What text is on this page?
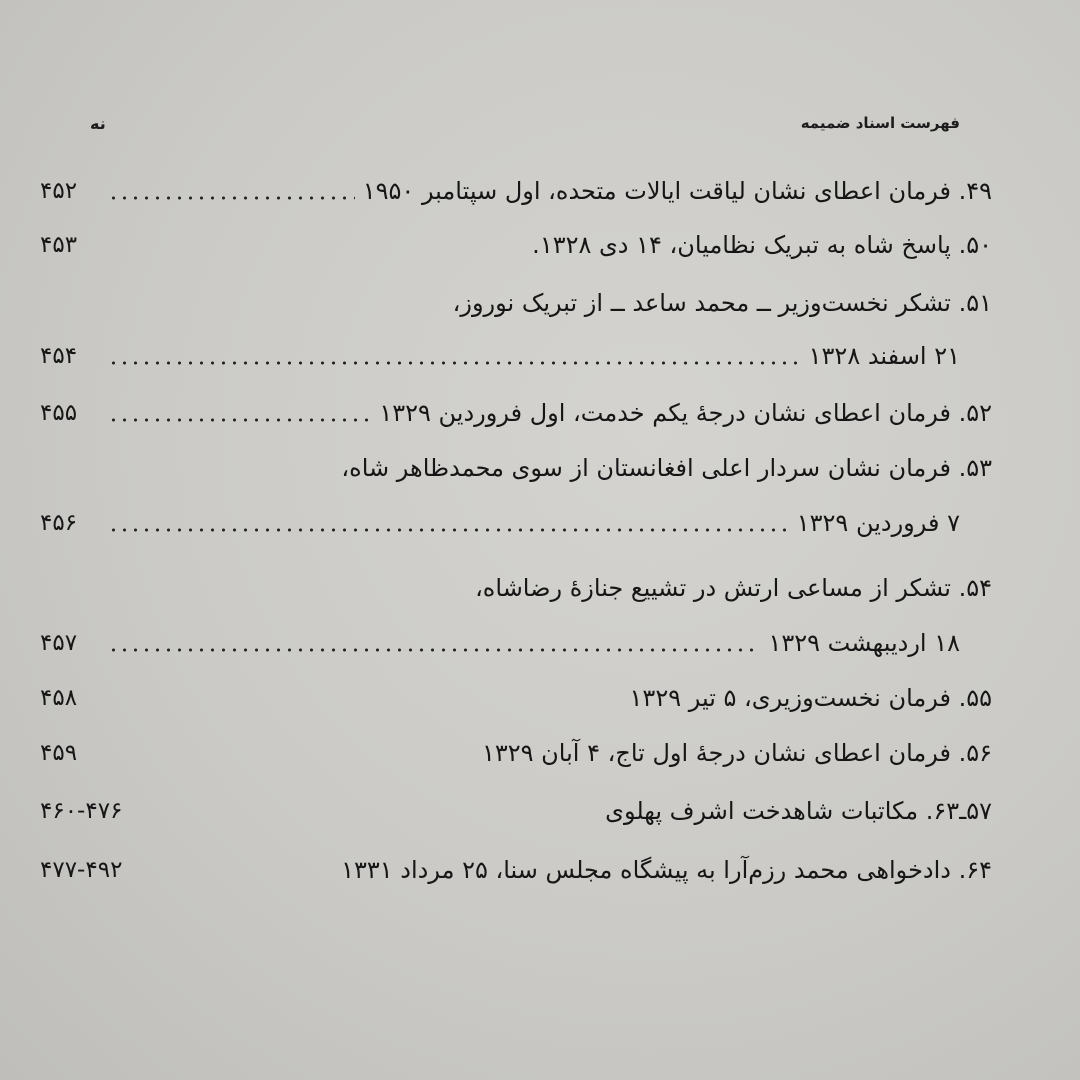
فهرست اسناد ضمیمه
نه
۴۹. فرمان اعطای نشان لیاقت ایالات متحده، اول سپتامبر ۱۹۵۰
۴۵۲
۵۰. پاسخ شاه به تبریک نظامیان، ۱۴ دی ۱۳۲۸.
۴۵۳
۵۱. تشکر نخست‌وزیر ــ محمد ساعد ــ از تبریک نوروز،
۲۱ اسفند ۱۳۲۸
۴۵۴
۵۲. فرمان اعطای نشان درجهٔ یکم خدمت، اول فروردین ۱۳۲۹
۴۵۵
۵۳. فرمان نشان سردار اعلی افغانستان از سوی محمدظاهر شاه،
۷ فروردین ۱۳۲۹
۴۵۶
۵۴. تشکر از مساعی ارتش در تشییع جنازهٔ رضاشاه،
۱۸ اردیبهشت ۱۳۲۹
۴۵۷
۵۵. فرمان نخست‌وزیری، ۵ تیر ۱۳۲۹
۴۵۸
۵۶. فرمان اعطای نشان درجهٔ اول تاج، ۴ آبان ۱۳۲۹
۴۵۹
۵۷ـ۶۳. مکاتبات شاهدخت اشرف پهلوی
۴۶۰-۴۷۶
۶۴. دادخواهی محمد رزم‌آرا به پیشگاه مجلس سنا، ۲۵ مرداد ۱۳۳۱
۴۷۷-۴۹۲
